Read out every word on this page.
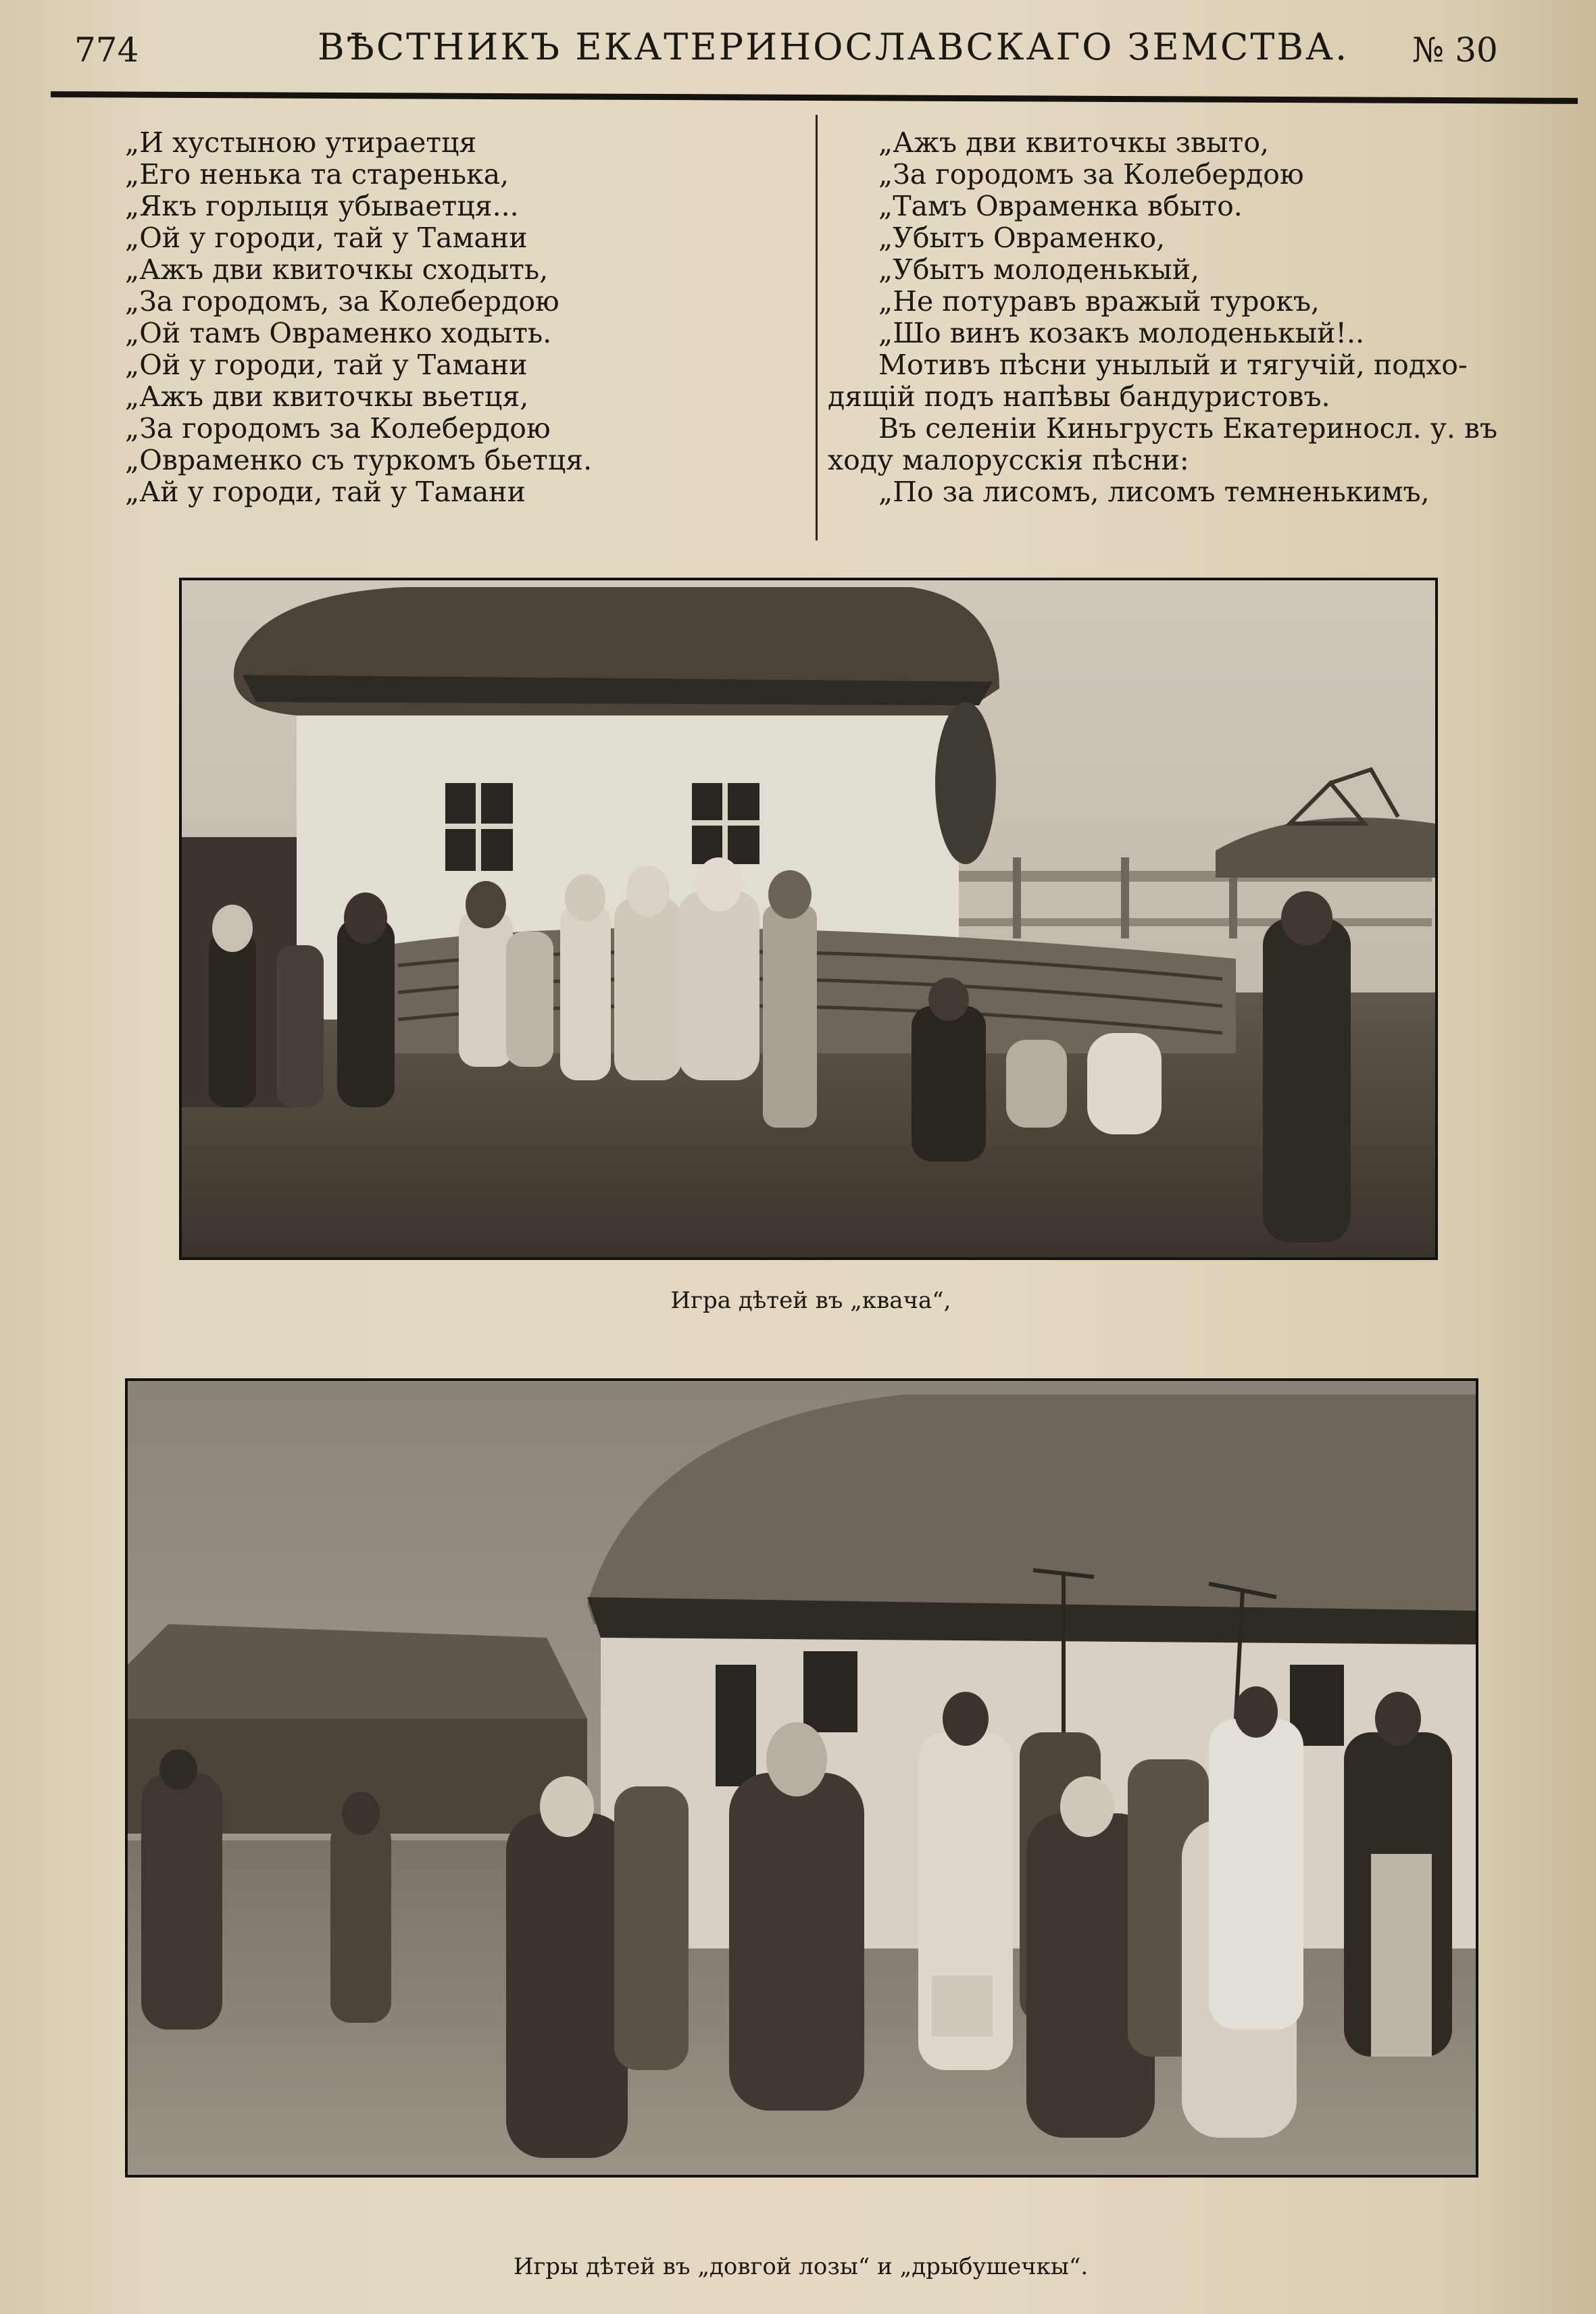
774	ВѢСТНИКЪ ЕКАТЕРИНОСЛАВСКАГО ЗЕМСТВА. № 30

„И хустыною утираетця

„Его ненька та старенька,

„Якъ горлыця убываетця...

„Ой у городи, тай у Тамани

„Ажъ дви квиточкы сходыть,

„За городомъ, за Колебердою

„Ой тамъ Овраменко ходыть.

„Ой у городи, тай у Тамани

„Ажъ дви квиточкы вьетця,

„За городомъ за Колебердою

„Овраменко съ туркомъ бьетця.

„Ай у городи, тай у Тамани

„Ажъ дви квиточкы звыто,

„За городомъ за Колебердою

„Тамъ Овраменка вбыто.

„Убытъ Овраменко,

„Убытъ молоденькый,

„Не потуравъ вражый турокъ,

„Шо винъ козакъ молоденькый!..

Мотивъ пѣсни унылый и тягучій, подхо-

дящій подъ напѣвы бандуристовъ.

Въ селеніи Киньгрусть Екатериносл. у. въ

ходу малорусскія пѣсни:

„По за лисомъ, лисомъ темненькимъ,

Игра дѣтей въ „квача“,
Игры дѣтей въ „довгой лозы“ и „дрыбушечкы“.
